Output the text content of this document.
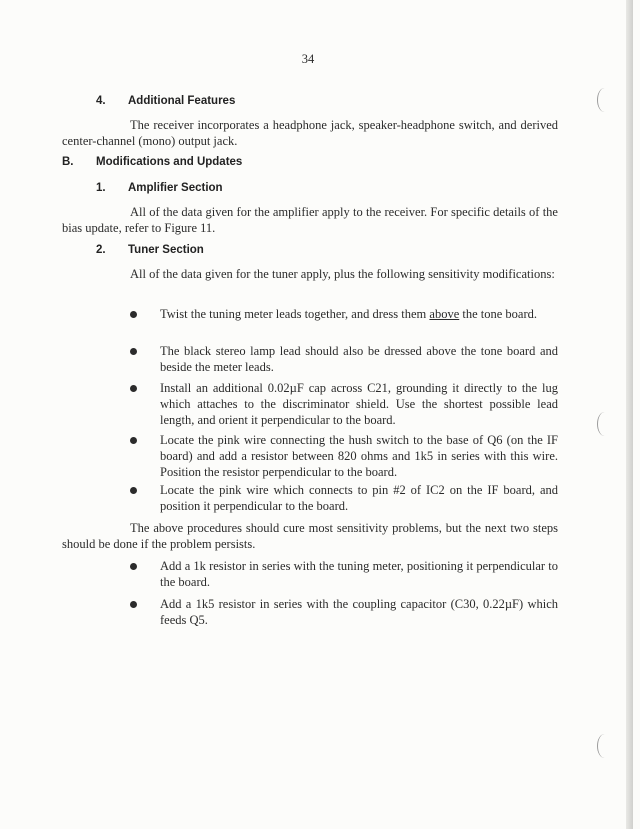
34
4. Additional Features
The receiver incorporates a headphone jack, speaker-headphone switch, and derived center-channel (mono) output jack.
B. Modifications and Updates
1. Amplifier Section
All of the data given for the amplifier apply to the receiver. For specific details of the bias update, refer to Figure 11.
2. Tuner Section
All of the data given for the tuner apply, plus the following sensitivity modifications:
Twist the tuning meter leads together, and dress them above the tone board.
The black stereo lamp lead should also be dressed above the tone board and beside the meter leads.
Install an additional 0.02µF cap across C21, grounding it directly to the lug which attaches to the discriminator shield. Use the shortest possible lead length, and orient it perpendicular to the board.
Locate the pink wire connecting the hush switch to the base of Q6 (on the IF board) and add a resistor between 820 ohms and 1k5 in series with this wire. Position the resistor perpendicular to the board.
Locate the pink wire which connects to pin #2 of IC2 on the IF board, and position it perpendicular to the board.
The above procedures should cure most sensitivity problems, but the next two steps should be done if the problem persists.
Add a 1k resistor in series with the tuning meter, positioning it perpendicular to the board.
Add a 1k5 resistor in series with the coupling capacitor (C30, 0.22µF) which feeds Q5.
